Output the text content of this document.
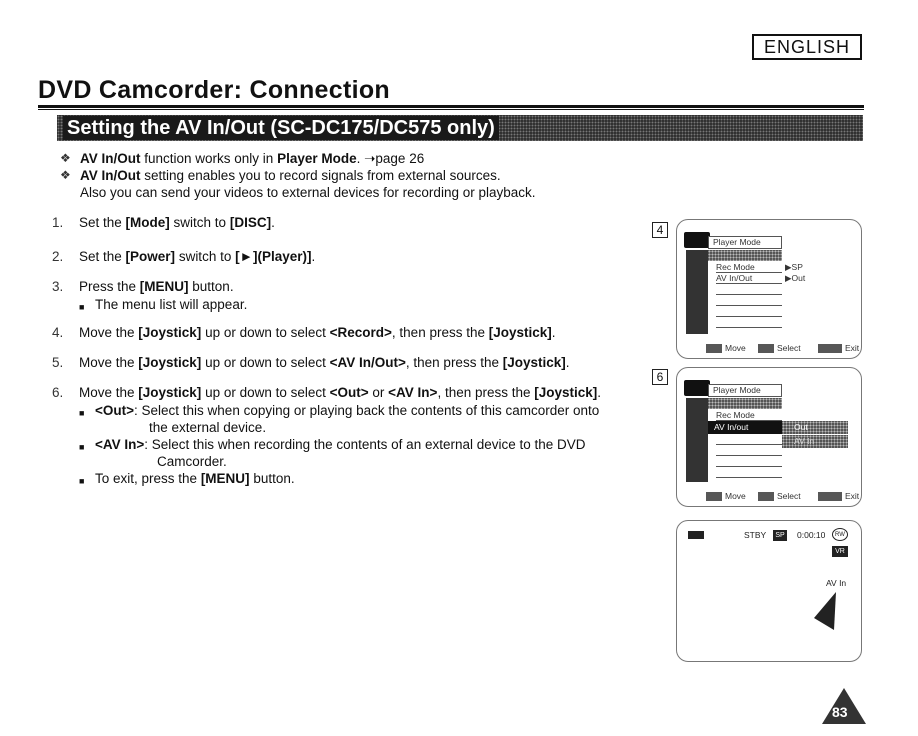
ENGLISH
DVD Camcorder: Connection
Setting the AV In/Out (SC-DC175/DC575 only)
❖ AV In/Out function works only in Player Mode. ➝page 26
❖ AV In/Out setting enables you to record signals from external sources.
Also you can send your videos to external devices for recording or playback.
1.	Set the [Mode] switch to [DISC].
2.	Set the [Power] switch to [►](Player)].
3.	Press the [MENU] button.
■ The menu list will appear.
4.	Move the [Joystick] up or down to select <Record>, then press the [Joystick].
5.	Move the [Joystick] up or down to select <AV In/Out>, then press the [Joystick].
6.	Move the [Joystick] up or down to select <Out> or <AV In>, then press the [Joystick].
■ <Out>: Select this when copying or playing back the contents of this camcorder onto
the external device.
■ <AV In>: Select this when recording the contents of an external device to the DVD
Camcorder.
■ To exit, press the [MENU] button.
4
Player Mode
Rec Mode
AV In/Out
▶SP
▶Out
Move	Select	Exit
6
Player Mode
Rec Mode
AV In/out	Out
AV In
Move	Select	Exit
STBY	SP 0:00:10	RW
VR
AV In
83
